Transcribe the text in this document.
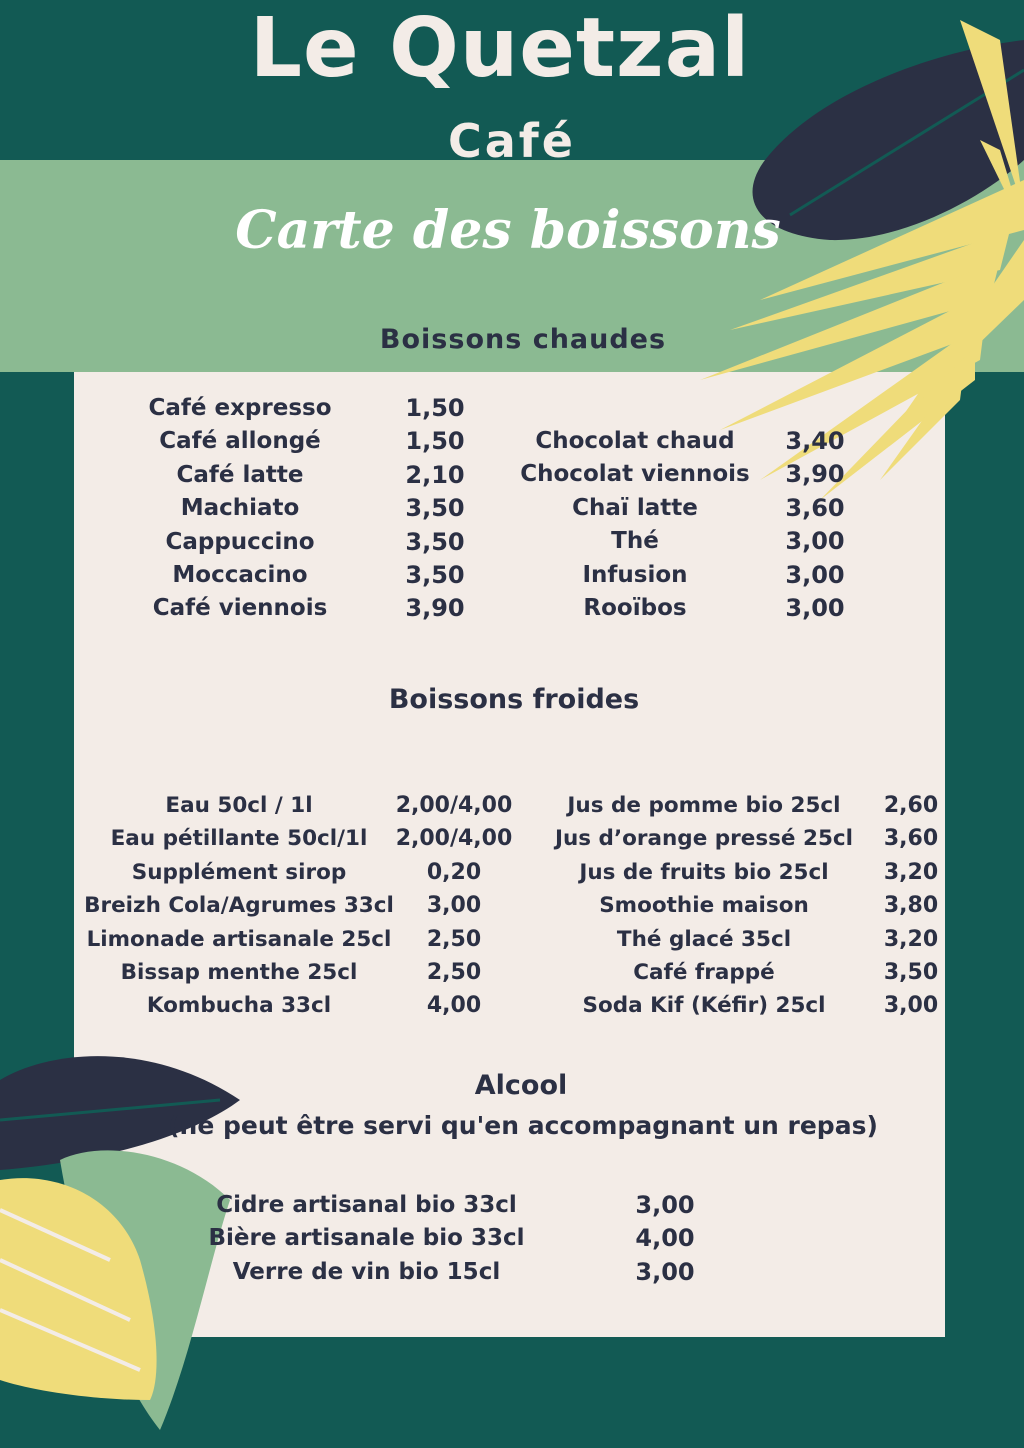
Le Quetzal
Café
Carte des boissons
Boissons chaudes
Café expresso
Café allongé
Café latte
Machiato
Cappuccino
Moccacino
Café viennois
1,50
1,50
2,10
3,50
3,50
3,50
3,90
Chocolat chaud
Chocolat viennois
Chaï latte
Thé
Infusion
Rooïbos
3,40
3,90
3,60
3,00
3,00
3,00
Boissons froides
Eau 50cl / 1l
Eau pétillante 50cl/1l
Supplément sirop
Breizh Cola/Agrumes 33cl
Limonade artisanale 25cl
Bissap menthe 25cl
Kombucha 33cl
2,00/4,00
2,00/4,00
0,20
3,00
2,50
2,50
4,00
Jus de pomme bio 25cl
Jus d’orange pressé 25cl
Jus de fruits bio 25cl
Smoothie maison
Thé glacé 35cl
Café frappé
Soda Kif (Kéfir) 25cl
2,60
3,60
3,20
3,80
3,20
3,50
3,00
Alcool
(ne peut être servi qu'en accompagnant un repas)
Cidre artisanal bio 33cl
Bière artisanale bio 33cl
Verre de vin bio 15cl
3,00
4,00
3,00
